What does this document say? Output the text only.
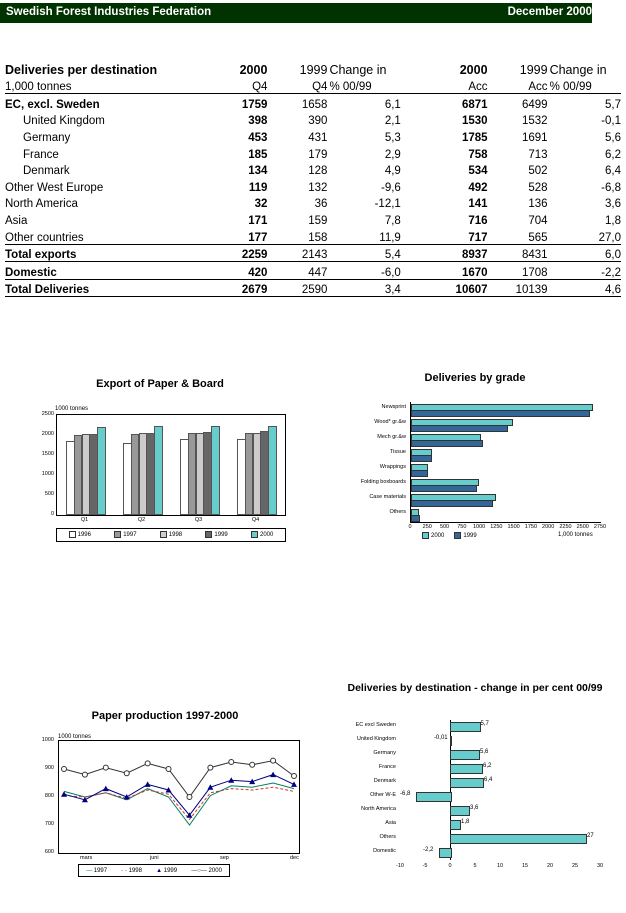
Swedish Forest Industries Federation	December 2000
Deliveries per destination	2000	1999	Change in		2000	1999	Change in
1,000 tonnes	Q4	Q4	% 00/99		Acc	Acc	% 00/99
EC, excl. Sweden	1759	1658	6,1		6871	6499	5,7
United Kingdom	398	390	2,1		1530	1532	-0,1
Germany	453	431	5,3		1785	1691	5,6
France	185	179	2,9		758	713	6,2
Denmark	134	128	4,9		534	502	6,4
Other West Europe	119	132	-9,6		492	528	-6,8
North America	32	36	-12,1		141	136	3,6
Asia	171	159	7,8		716	704	1,8
Other countries	177	158	11,9		717	565	27,0
Total exports	2259	2143	5,4		8937	8431	6,0
Domestic	420	447	-6,0		1670	1708	-2,2
Total Deliveries	2679	2590	3,4		10607	10139	4,6
Export of Paper & Board
1000 tonnes
0
500
1000
1500
2000
2500
Q1	Q2	Q3	Q4
1996	1997	1998	1999	2000
Deliveries by grade
Newsprint
Wood* gr.&w
Mech gr.&w
Tissue
Wrappings
Folding boxboards
Case materials
Others
0	250	500	750	1000 1250 1500 1750 2000 2250 2500 2750
1,000 tonnes
2000	1999
Paper production 1997-2000
1000 tonnes
600
700
800
900
1000
mars	juni	sep	dec
— 1997 - - 1998 ▲ 1999 —○— 2000
Deliveries by destination - change in per cent 00/99
5,7
-0,01
5,6
6,2
6,4
-6,8
3,6
1,8
27
-2,2
EC excl Sweden
United Kingdom
Germany
France
Denmark
Other W-E
North America
Asia
Others
Domestic
-10	-5	0	5	10	15	20	25	30
